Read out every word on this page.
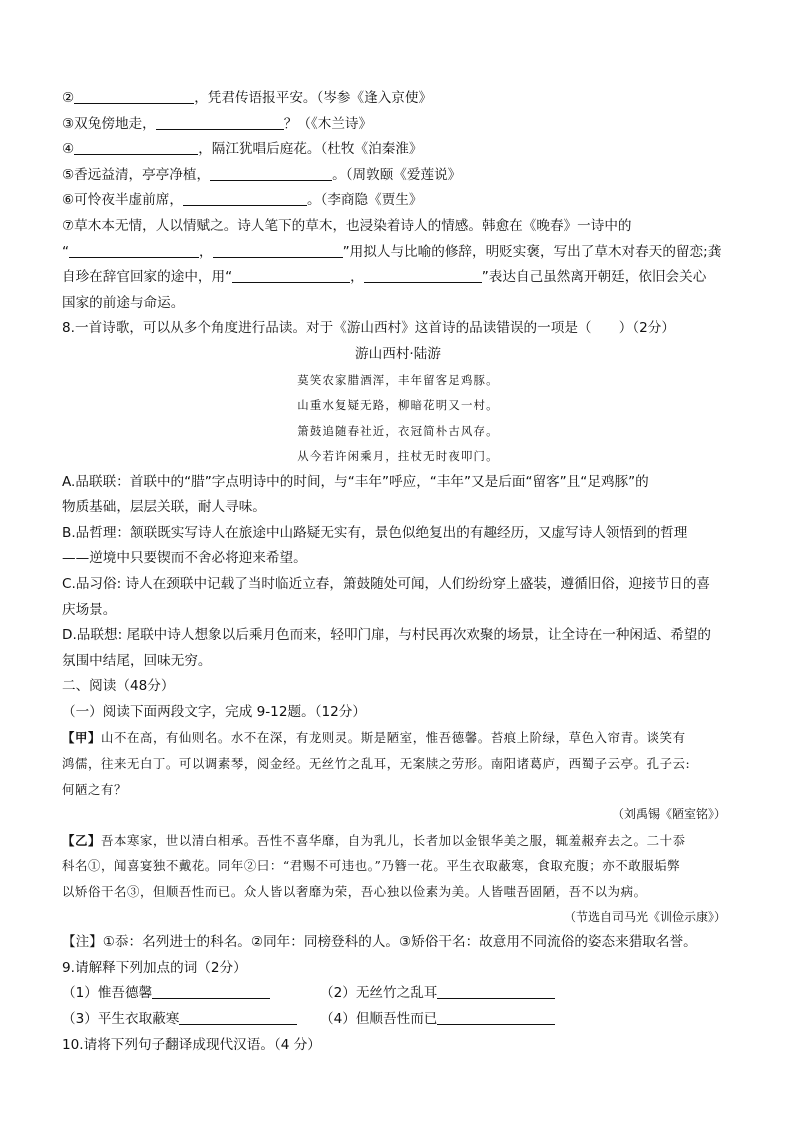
②	，凭君传语报平安。（岑参《逢入京使》
③双兔傍地走，	？（《木兰诗》
④	，隔江犹唱后庭花。（杜牧《泊秦淮》
⑤香远益清，亭亭净植，	。（周敦颐《爱莲说》
⑥可怜夜半虚前席，	。（李商隐《贾生》
⑦草木本无情，人以情赋之。诗人笔下的草木，也浸染着诗人的情感。韩愈在《晚春》一诗中的
“	，	”用拟人与比喻的修辞，明贬实褒，写出了草木对春天的留恋;龚
自珍在辞官回家的途中，用“	，	”表达自己虽然离开朝廷，依旧会关心
国家的前途与命运。
8.一首诗歌，可以从多个角度进行品读。对于《游山西村》这首诗的品读错误的一项是（　　）（2分）
游山西村·陆游
莫笑农家腊酒浑，丰年留客足鸡豚。
山重水复疑无路，柳暗花明又一村。
箫鼓追随春社近，衣冠简朴古风存。
从今若许闲乘月，拄杖无时夜叩门。
A.品联联：首联中的“腊”字点明诗中的时间，与“丰年”呼应，“丰年”又是后面“留客”且“足鸡豚”的
物质基础，层层关联，耐人寻味。
B.品哲理：颔联既实写诗人在旅途中山路疑无实有，景色似绝复出的有趣经历，又虚写诗人领悟到的哲理
——逆境中只要锲而不舍必将迎来希望。
C.品习俗: 诗人在颈联中记载了当时临近立春，箫鼓随处可闻，人们纷纷穿上盛装，遵循旧俗，迎接节日的喜
庆场景。
D.品联想: 尾联中诗人想象以后乘月色而来，轻叩门扉，与村民再次欢聚的场景，让全诗在一种闲适、希望的
氛围中结尾，回味无穷。
二、阅读（48分）
（一）阅读下面两段文字，完成 9-12题。（12分）
【甲】山不在高，有仙则名。水不在深，有龙则灵。斯是陋室，惟吾德馨。苔痕上阶绿，草色入帘青。谈笑有
鸿儒，往来无白丁。可以调素琴，阅金经。无丝竹之乱耳，无案牍之劳形。南阳诸葛庐，西蜀子云亭。孔子云:
何陋之有？
（刘禹锡《陋室铭》）
【乙】吾本寒家，世以清白相承。吾性不喜华靡，自为乳儿，长者加以金银华美之服，辄羞赧弃去之。二十忝
科名①，闻喜宴独不戴花。同年②曰：“君赐不可违也。”乃簪一花。平生衣取蔽寒，食取充腹；亦不敢服垢弊
以矫俗干名③，但顺吾性而已。众人皆以奢靡为荣，吾心独以俭素为美。人皆嗤吾固陋，吾不以为病。
（节选自司马光《训俭示康》）
【注】①忝：名列进士的科名。②同年：同榜登科的人。③矫俗干名：故意用不同流俗的姿态来猎取名誉。
9.请解释下列加点的词（2分）
（1）惟吾德馨	（2）无丝竹之乱耳
（3）平生衣取蔽寒	（4）但顺吾性而已
10.请将下列句子翻译成现代汉语。（4 分）
